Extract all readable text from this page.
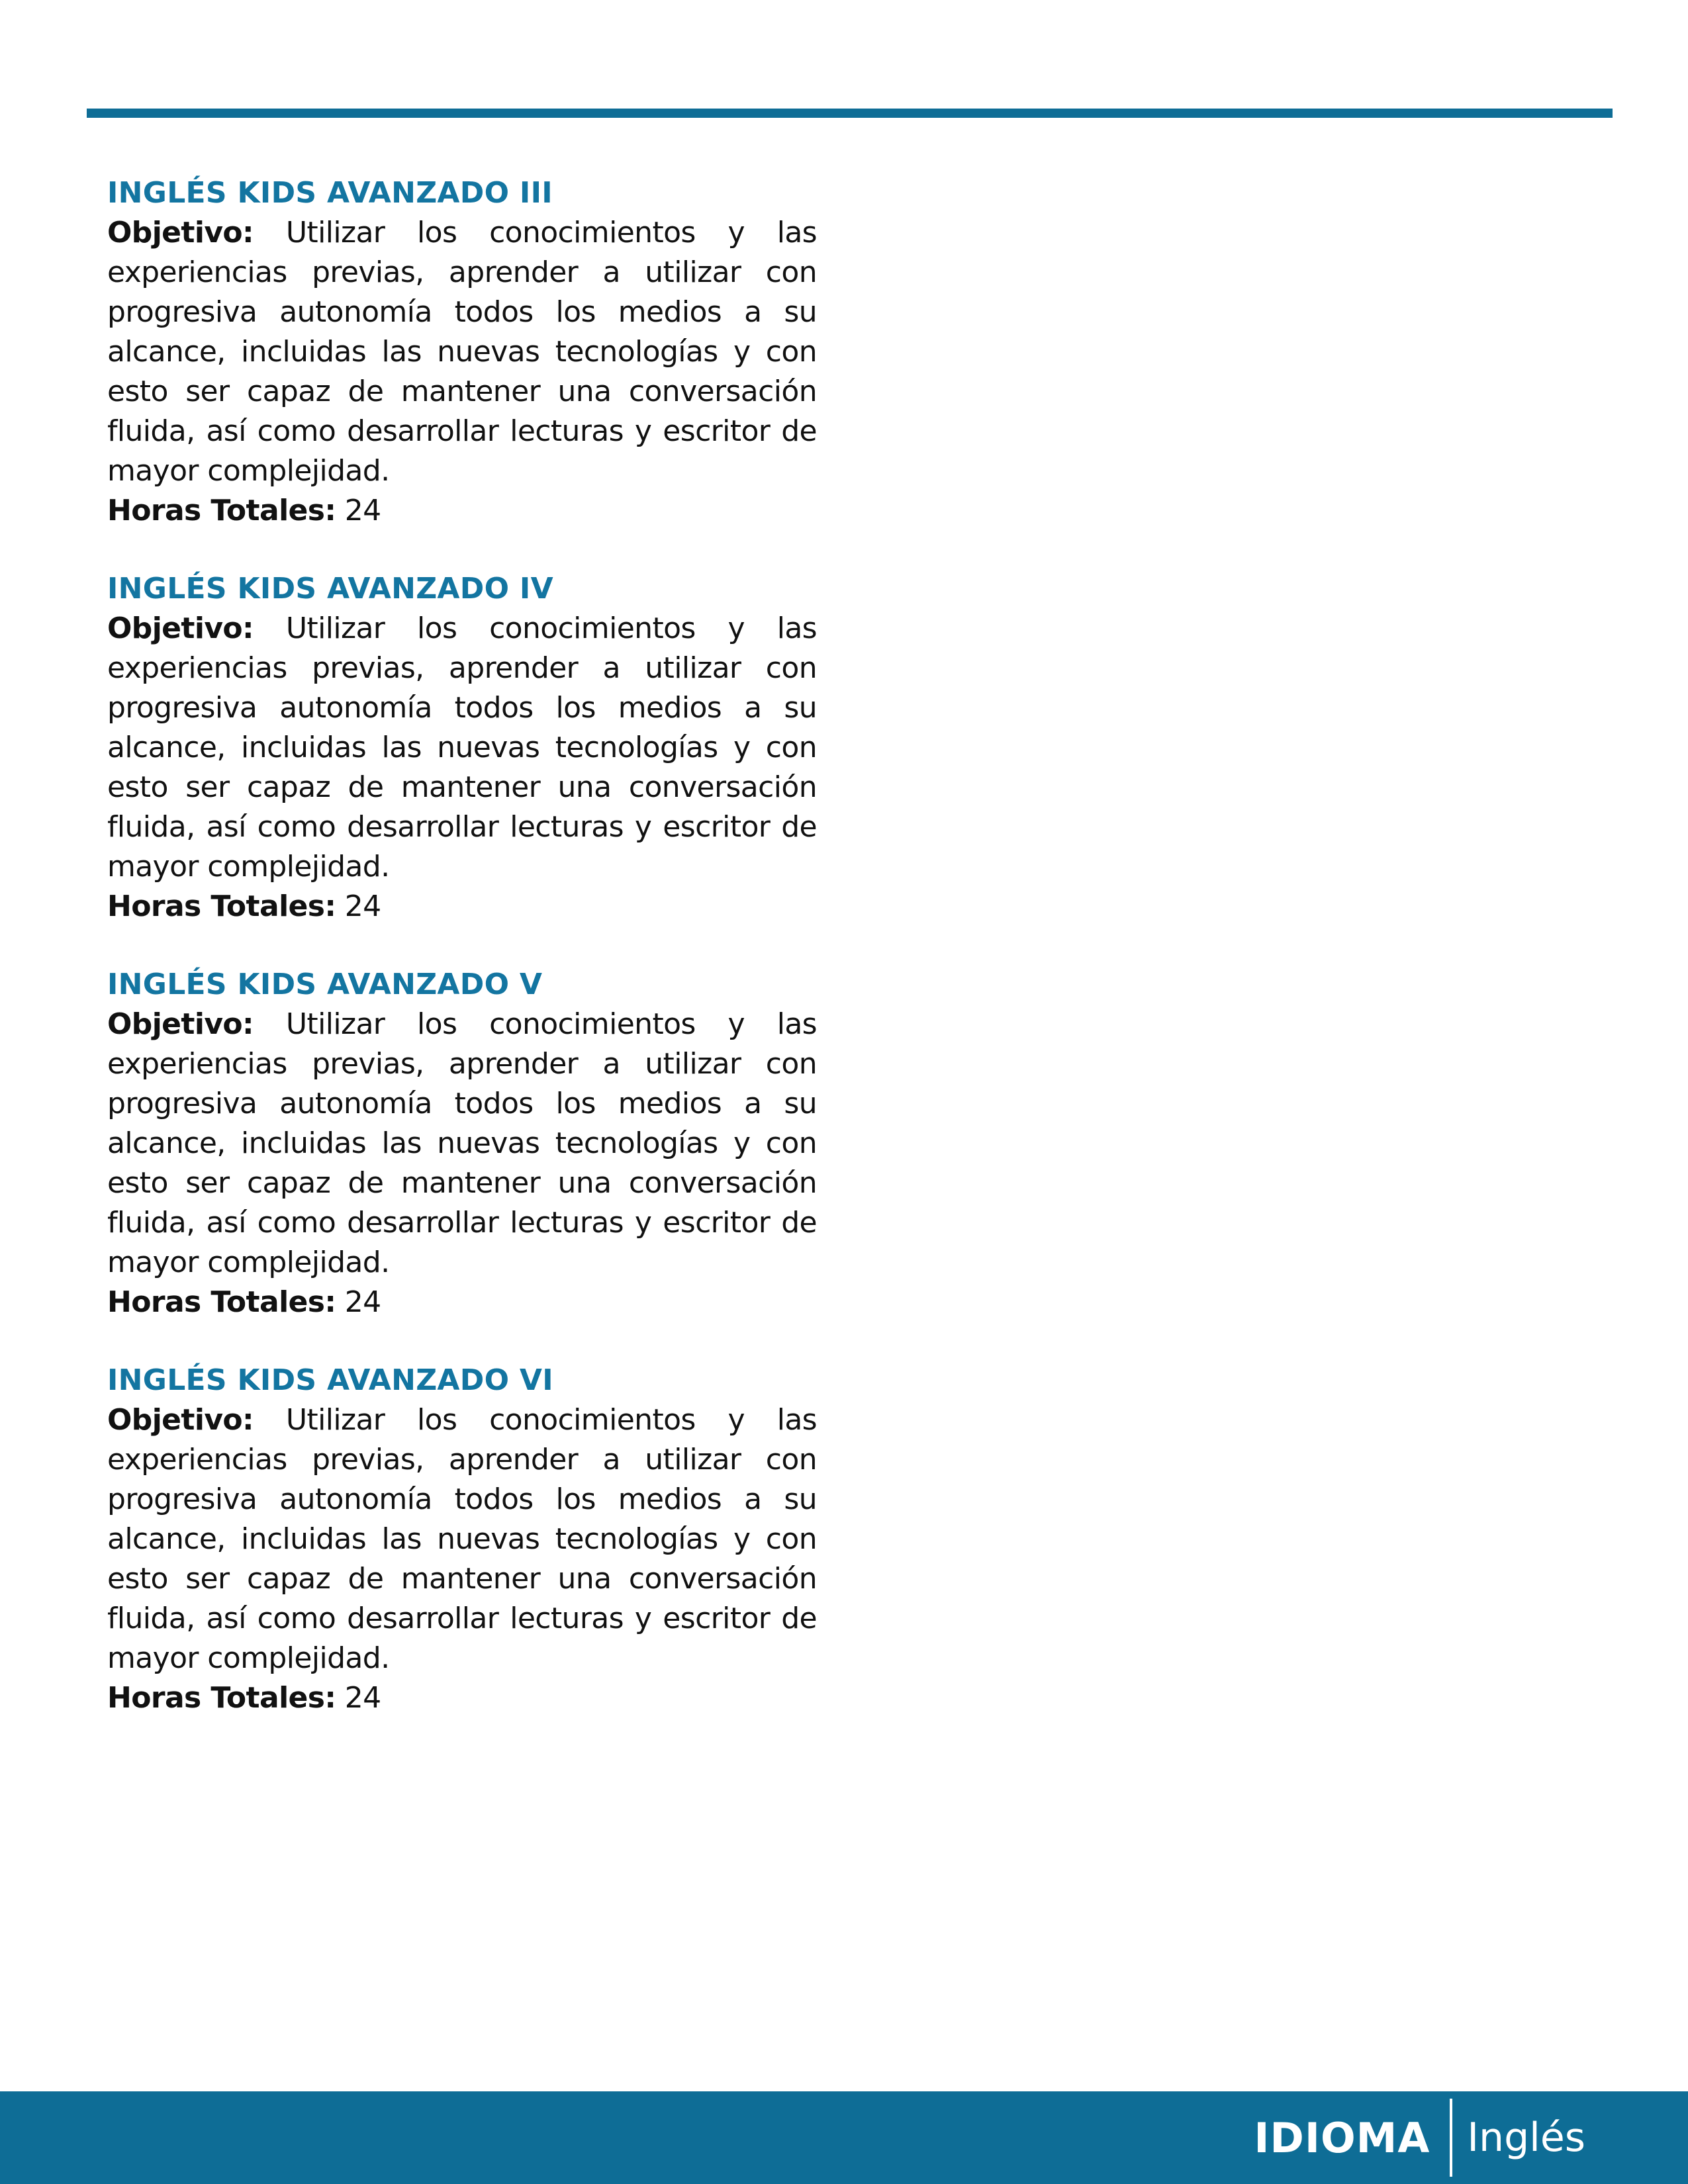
INGLÉS KIDS AVANZADO III

Objetivo: Utilizar los conocimientos y las experiencias previas, aprender a utilizar con progresiva autonomía todos los medios a su alcance, incluidas las nuevas tecnologías y con esto ser capaz de mantener una conversación fluida, así como desarrollar lecturas y escritor de mayor complejidad.

Horas Totales: 24

INGLÉS KIDS AVANZADO IV

Objetivo: Utilizar los conocimientos y las experiencias previas, aprender a utilizar con progresiva autonomía todos los medios a su alcance, incluidas las nuevas tecnologías y con esto ser capaz de mantener una conversación fluida, así como desarrollar lecturas y escritor de mayor complejidad.

Horas Totales: 24

INGLÉS KIDS AVANZADO V

Objetivo: Utilizar los conocimientos y las experiencias previas, aprender a utilizar con progresiva autonomía todos los medios a su alcance, incluidas las nuevas tecnologías y con esto ser capaz de mantener una conversación fluida, así como desarrollar lecturas y escritor de mayor complejidad.

Horas Totales: 24

INGLÉS KIDS AVANZADO VI

Objetivo: Utilizar los conocimientos y las experiencias previas, aprender a utilizar con progresiva autonomía todos los medios a su alcance, incluidas las nuevas tecnologías y con esto ser capaz de mantener una conversación fluida, así como desarrollar lecturas y escritor de mayor complejidad.

Horas Totales: 24

IDIOMA Inglés
